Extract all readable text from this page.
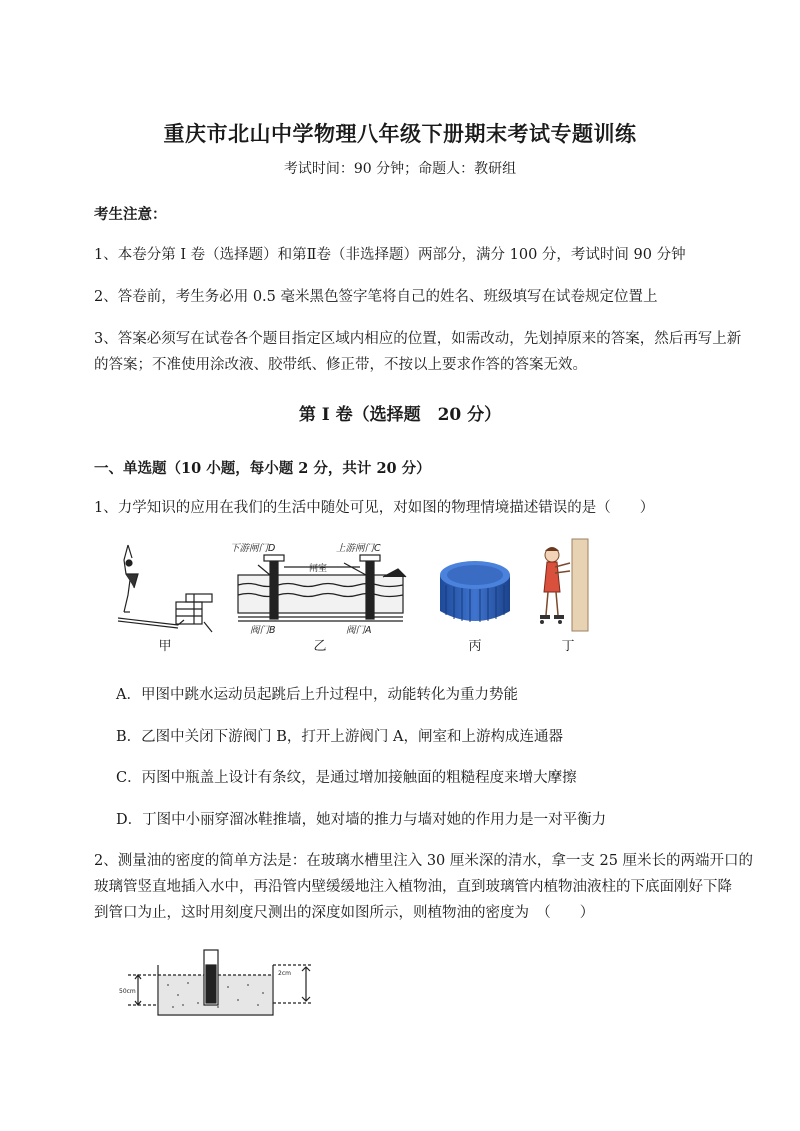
重庆市北山中学物理八年级下册期末考试专题训练
考试时间：90 分钟；命题人：教研组
考生注意：
1、本卷分第 I 卷（选择题）和第Ⅱ卷（非选择题）两部分，满分 100 分，考试时间 90 分钟
2、答卷前，考生务必用 0.5 毫米黑色签字笔将自己的姓名、班级填写在试卷规定位置上
3、答案必须写在试卷各个题目指定区域内相应的位置，如需改动，先划掉原来的答案，然后再写上新
的答案；不准使用涂改液、胶带纸、修正带，不按以上要求作答的答案无效。
第 I 卷（选择题　20 分）
一、单选题（10 小题，每小题 2 分，共计 20 分）
1、力学知识的应用在我们的生活中随处可见，对如图的物理情境描述错误的是（　　）
闸室
下游闸门D	上游闸门C
阀门B	阀门A
甲	乙	丙	丁
A．甲图中跳水运动员起跳后上升过程中，动能转化为重力势能
B．乙图中关闭下游阀门 B，打开上游阀门 A，闸室和上游构成连通器
C．丙图中瓶盖上设计有条纹，是通过增加接触面的粗糙程度来增大摩擦
D．丁图中小丽穿溜冰鞋推墙，她对墙的推力与墙对她的作用力是一对平衡力
2、测量油的密度的简单方法是：在玻璃水槽里注入 30 厘米深的清水，拿一支 25 厘米长的两端开口的
玻璃管竖直地插入水中，再沿管内壁缓缓地注入植物油，直到玻璃管内植物油液柱的下底面刚好下降
到管口为止，这时用刻度尺测出的深度如图所示，则植物油的密度为　（　　）
50cm
2cm
